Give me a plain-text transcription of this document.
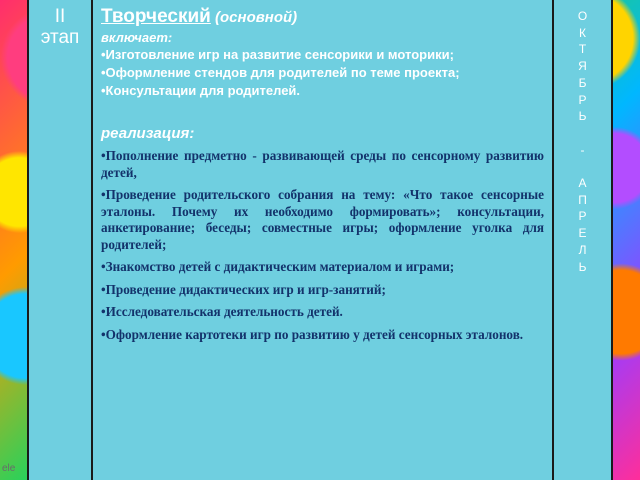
II
этап
Творческий (основной)
включает:
•Изготовление игр на развитие сенсорики и моторики;
•Оформление стендов для родителей по теме проекта;
•Консультации для родителей.
реализация:
•Пополнение предметно - развивающей среды по сенсорному развитию детей,
•Проведение родительского собрания на тему: «Что такое сенсорные эталоны. Почему их необходимо формировать»; консультации, анкетирование; беседы; совместные игры; оформление уголка для родителей;
•Знакомство детей с дидактическим материалом и играми;
•Проведение дидактических игр и игр-занятий;
•Исследовательская деятельность детей.
•Оформление картотеки игр по развитию у детей сенсорных эталонов.
О
К
Т
Я
Б
Р
Ь

-

А
П
Р
Е
Л
Ь
ele
